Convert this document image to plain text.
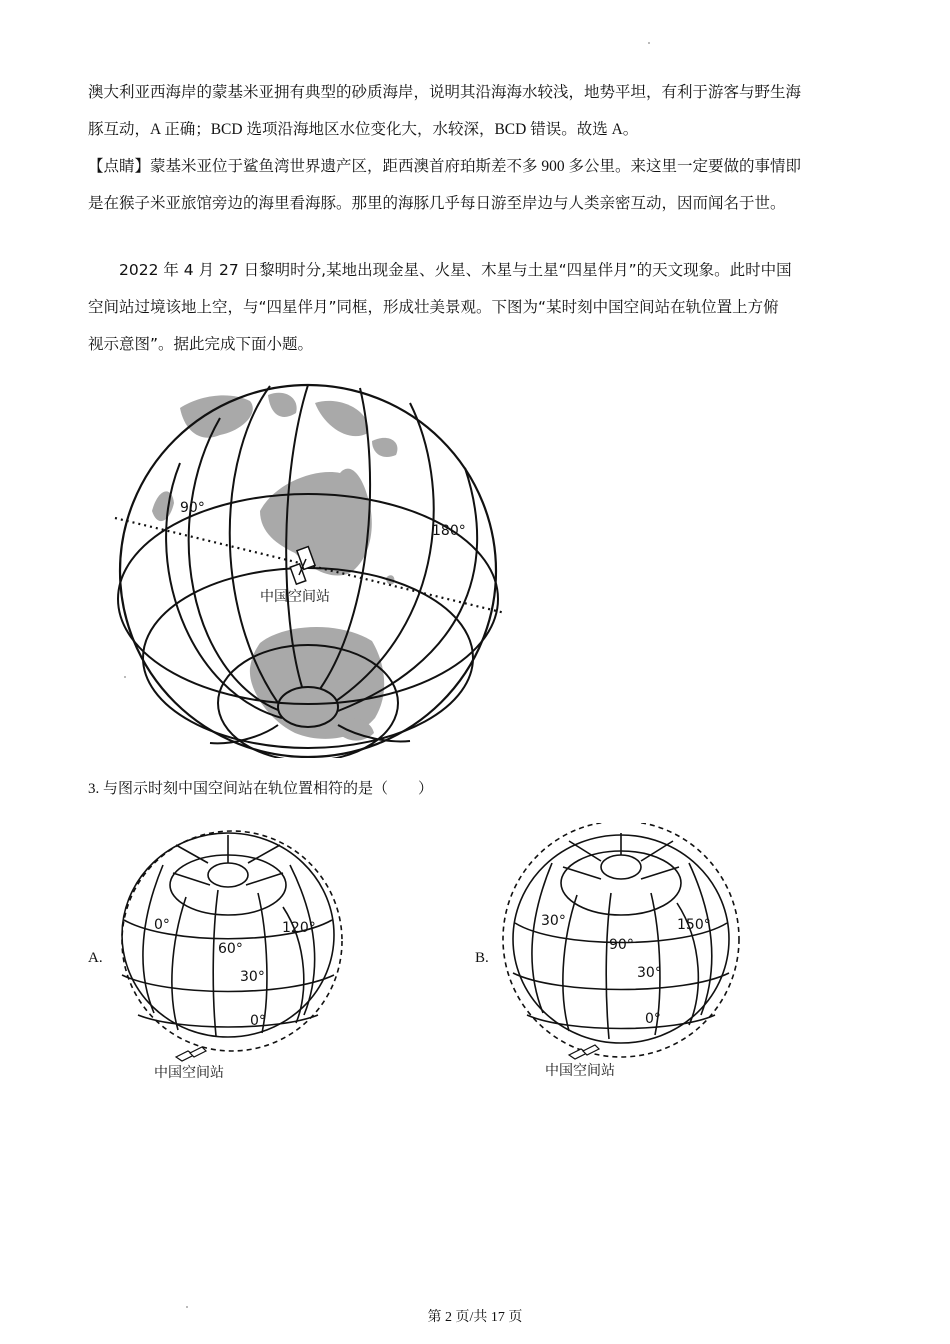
澳大利亚西海岸的蒙基米亚拥有典型的砂质海岸，说明其沿海海水较浅，地势平坦，有利于游客与野生海
豚互动，A 正确；BCD 选项沿海地区水位变化大，水较深，BCD 错误。故选 A。
【点睛】蒙基米亚位于鲨鱼湾世界遗产区，距西澳首府珀斯差不多 900 多公里。来这里一定要做的事情即
是在猴子米亚旅馆旁边的海里看海豚。那里的海豚几乎每日游至岸边与人类亲密互动，因而闻名于世。
2022 年 4 月 27 日黎明时分,某地出现金星、火星、木星与土星“四星伴月”的天文现象。此时中国
空间站过境该地上空，与“四星伴月”同框，形成壮美景观。下图为“某时刻中国空间站在轨位置上方俯
视示意图”。据此完成下面小题。
90°
180°
中国空间站
3. 与图示时刻中国空间站在轨位置相符的是（　　）
A.
0°
60°
120°
30°
0°
中国空间站
B.
30°
90°
150°
30°
0°
中国空间站
第 2 页/共 17 页
